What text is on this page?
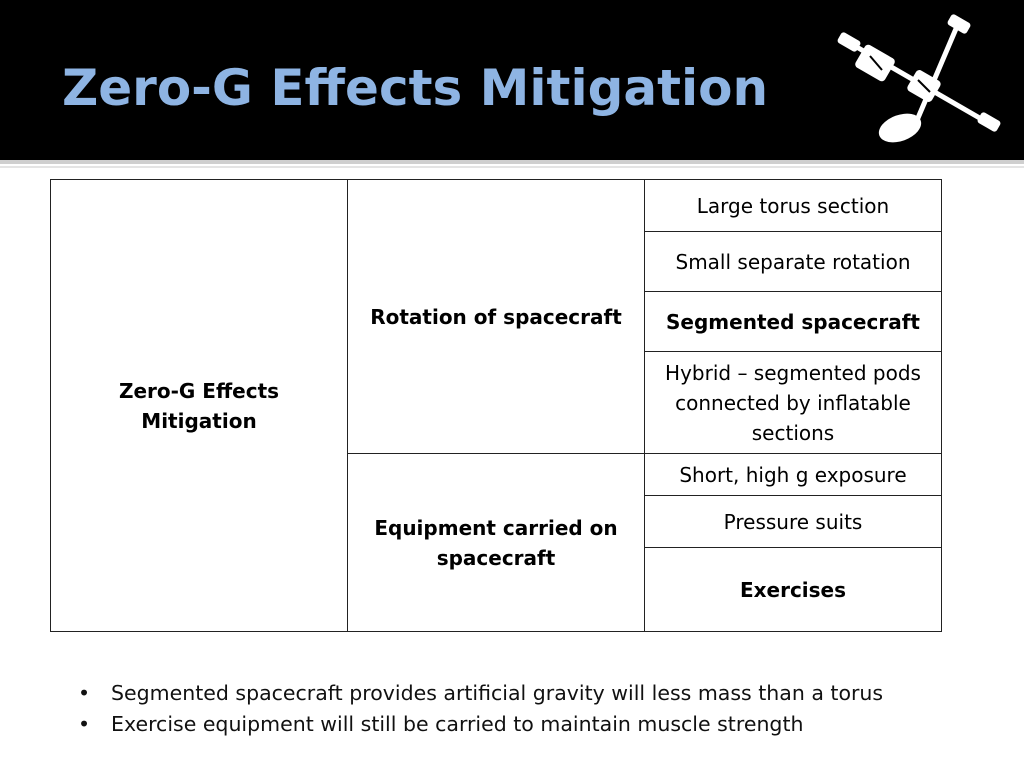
Zero-G Effects Mitigation
Zero-G Effects Mitigation	Rotation of spacecraft	Large torus section
		Small separate rotation
		Segmented spacecraft
		Hybrid – segmented pods connected by inflatable sections
	Equipment carried on spacecraft	Short, high g exposure
		Pressure suits
		Exercises
• Segmented spacecraft provides artificial gravity will less mass than a torus
• Exercise equipment will still be carried to maintain muscle strength
